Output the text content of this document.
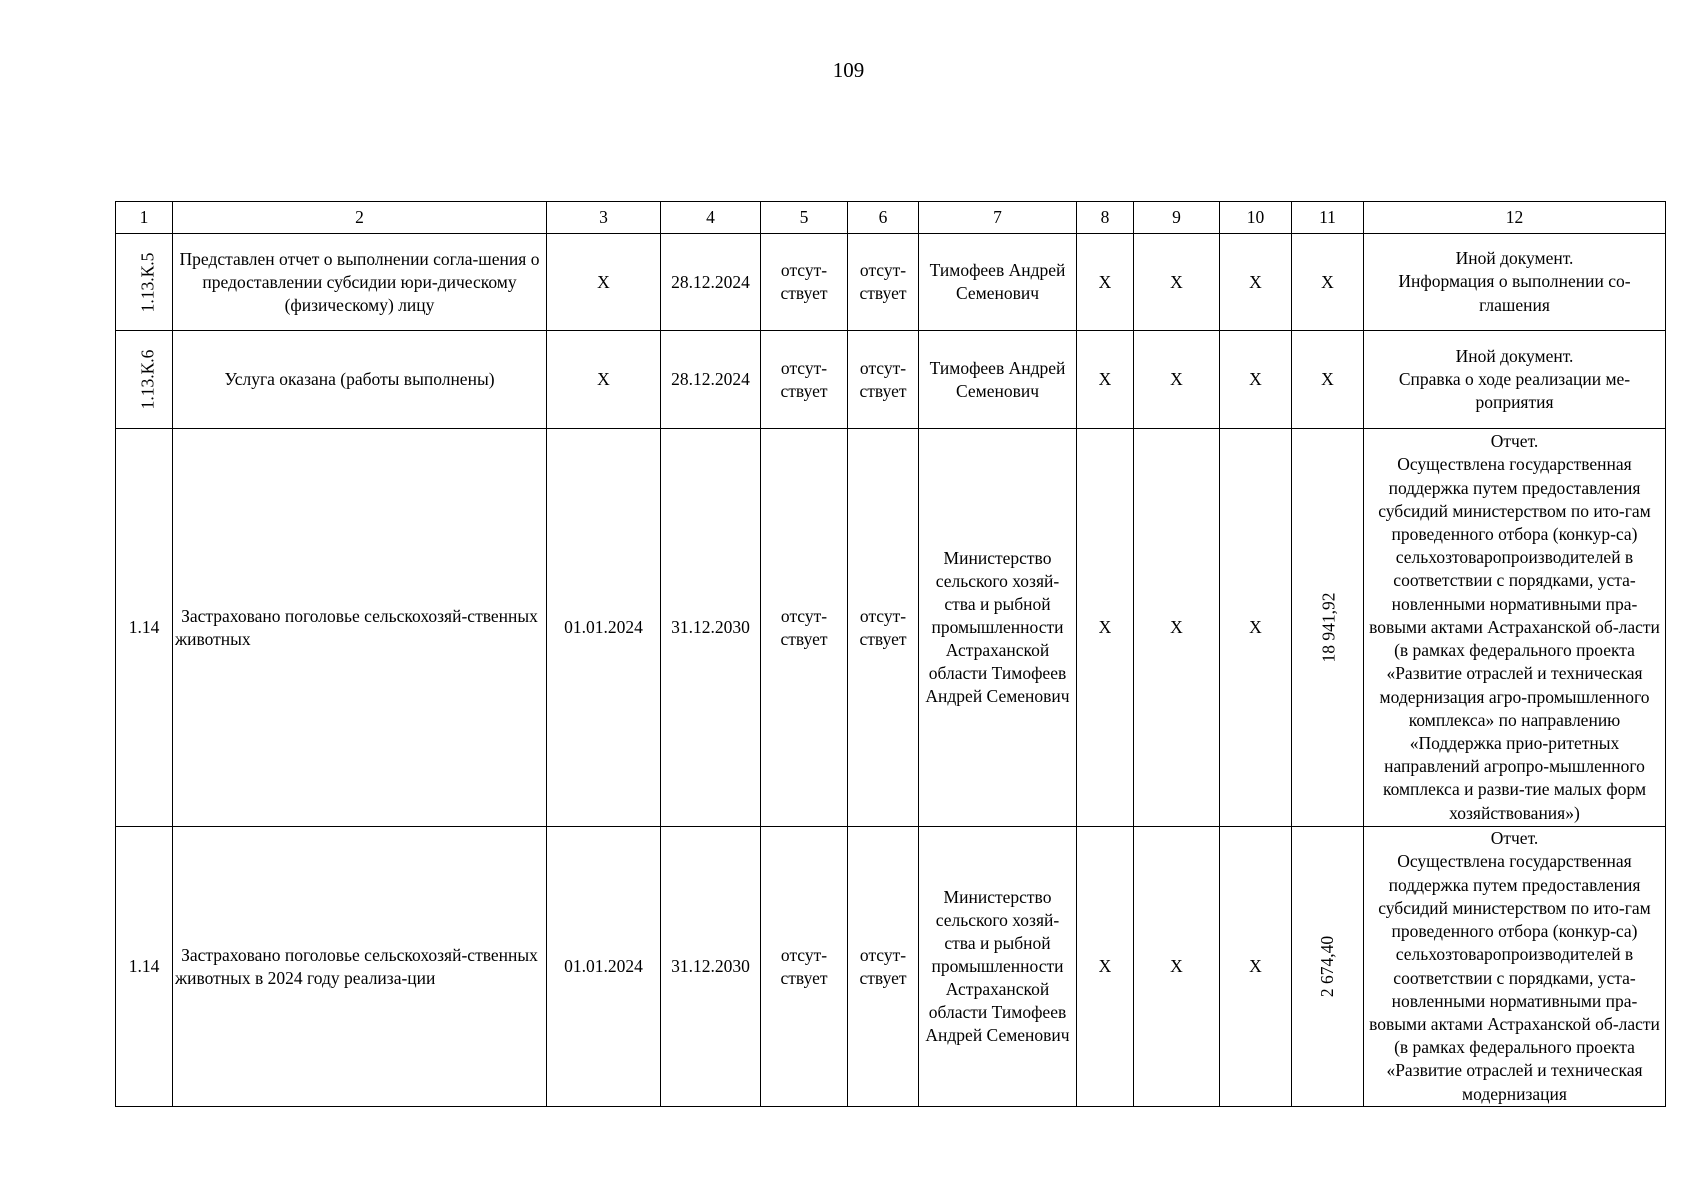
109
1	2	3	4	5	6	7	8	9	10	11	12
1.13.К.5	Представлен отчет о выполнении согла-шения о предоставлении субсидии юри-дическому (физическому) лицу	X	28.12.2024	отсут-ствует	отсут-ствует	Тимофеев Андрей Семенович	X	X	X	X	Иной документ.
Информация о выполнении со-глашения

1.13.К.6	Услуга оказана (работы выполнены)	X	28.12.2024	отсут-ствует	отсут-ствует	Тимофеев Андрей Семенович	X	X	X	X	Иной документ.
Справка о ходе реализации ме-роприятия

1.14	Застраховано поголовье сельскохозяй-ственных животных	01.01.2024	31.12.2030	отсут-ствует	отсут-ствует	Министерство сельского хозяй-ства и рыбной промышленности Астраханской области Тимофеев Андрей Семенович	X	X	X	18 941,92	Отчет.
Осуществлена государственная поддержка путем предоставления субсидий министерством по ито-гам проведенного отбора (конкур-са) сельхозтоваропроизводителей в соответствии с порядками, уста-новленными нормативными пра-вовыми актами Астраханской об-ласти (в рамках федерального проекта «Развитие отраслей и техническая модернизация агро-промышленного комплекса» по направлению «Поддержка прио-ритетных направлений агропро-мышленного комплекса и разви-тие малых форм хозяйствования»)

1.14	Застраховано поголовье сельскохозяй-ственных животных в 2024 году реализа-ции	01.01.2024	31.12.2030	отсут-ствует	отсут-ствует	Министерство сельского хозяй-ства и рыбной промышленности Астраханской области Тимофеев Андрей Семенович	X	X	X	2 674,40	Отчет.
Осуществлена государственная поддержка путем предоставления субсидий министерством по ито-гам проведенного отбора (конкур-са) сельхозтоваропроизводителей в соответствии с порядками, уста-новленными нормативными пра-вовыми актами Астраханской об-ласти (в рамках федерального проекта «Развитие отраслей и техническая модернизация
